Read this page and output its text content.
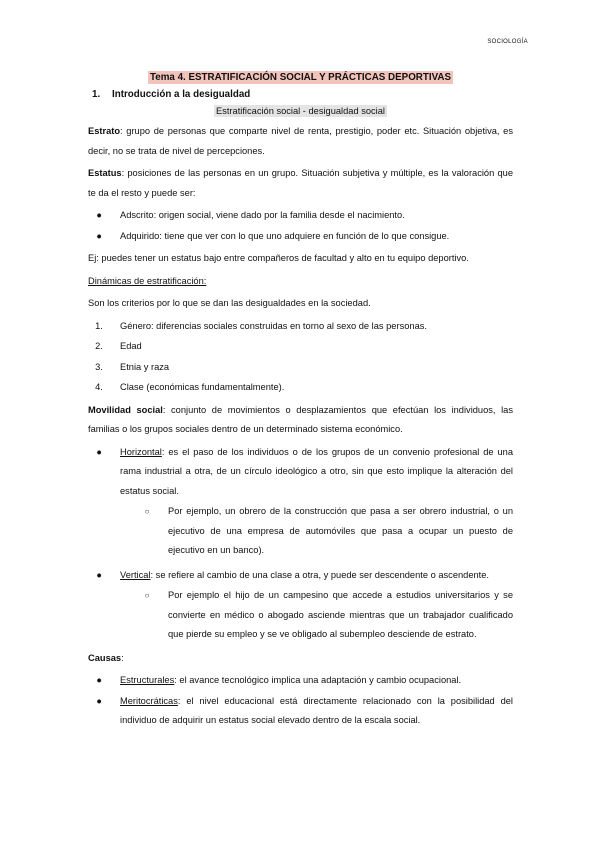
SOCIOLOGÍA
Tema 4. ESTRATIFICACIÓN SOCIAL Y PRÁCTICAS DEPORTIVAS
1. Introducción a la desigualdad
Estratificación social - desigualdad social

Estrato: grupo de personas que comparte nivel de renta, prestigio, poder etc. Situación objetiva, es decir, no se trata de nivel de percepciones.

Estatus: posiciones de las personas en un grupo. Situación subjetiva y múltiple, es la valoración que te da el resto y puede ser:

●	Adscrito: origen social, viene dado por la familia desde el nacimiento.
●	Adquirido: tiene que ver con lo que uno adquiere en función de lo que consigue.

Ej: puedes tener un estatus bajo entre compañeros de facultad y alto en tu equipo deportivo.

Dinámicas de estratificación:

Son los criterios por lo que se dan las desigualdades en la sociedad.

1.	Género: diferencias sociales construidas en torno al sexo de las personas.
2.	Edad
3.	Etnia y raza
4.	Clase (económicas fundamentalmente).

Movilidad social: conjunto de movimientos o desplazamientos que efectúan los individuos, las familias o los grupos sociales dentro de un determinado sistema económico.

●	Horizontal: es el paso de los individuos o de los grupos de un convenio profesional de una rama industrial a otra, de un círculo ideológico a otro, sin que esto implique la alteración del estatus social.
○	Por ejemplo, un obrero de la construcción que pasa a ser obrero industrial, o un ejecutivo de una empresa de automóviles que pasa a ocupar un puesto de ejecutivo en un banco).
●	Vertical: se refiere al cambio de una clase a otra, y puede ser descendente o ascendente.
○	Por ejemplo el hijo de un campesino que accede a estudios universitarios y se convierte en médico o abogado asciende mientras que un trabajador cualificado que pierde su empleo y se ve obligado al subempleo desciende de estrato.

Causas:

●	Estructurales: el avance tecnológico implica una adaptación y cambio ocupacional.
●	Meritocráticas: el nivel educacional está directamente relacionado con la posibilidad del individuo de adquirir un estatus social elevado dentro de la escala social.
